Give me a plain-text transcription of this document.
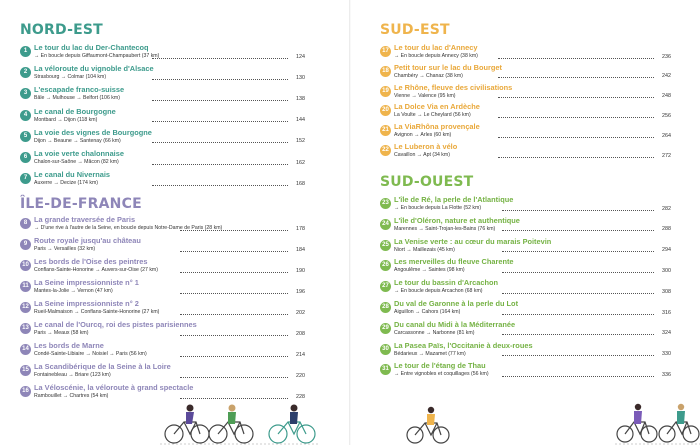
NORD-EST
1 Le tour du lac du Der-Chantecoq
→ En boucle depuis Giffaumont-Champaubert (37 km)	124
2 La véloroute du vignoble d'Alsace
Strasbourg → Colmar (104 km)	130
3 L'escapade franco-suisse
Bâle → Mulhouse → Belfort (106 km)	138
4 Le canal de Bourgogne
Montbard → Dijon (118 km)	144
5 La voie des vignes de Bourgogne
Dijon → Beaune → Santenay (66 km)	152
6 La voie verte chalonnaise
Chalon-sur-Saône → Mâcon (82 km)	162
7 Le canal du Nivernais
Auxerre → Decize (174 km)	168
ÎLE-DE-FRANCE
8 La grande traversée de Paris
→ D'une rive à l'autre de la Seine, en boucle depuis Notre-Dame de Paris (28 km)	178
9 Route royale jusqu'au château
Paris → Versailles (32 km)	184
10 Les bords de l'Oise des peintres
Conflans-Sainte-Honorine → Auvers-sur-Oise (27 km)	190
11 La Seine impressionniste n° 1
Mantes-la-Jolie → Vernon (47 km)	196
12 La Seine impressionniste n° 2
Rueil-Malmaison → Conflans-Sainte-Honorine (27 km)	202
13 Le canal de l'Ourcq, roi des pistes parisiennes
Paris → Meaux (58 km)	208
14 Les bords de Marne
Condé-Sainte-Libiaire → Noisiel → Paris (56 km)	214
15 La Scandibérique de la Seine à la Loire
Fontainebleau → Briare (123 km)	220
16 La Véloscénie, la véloroute à grand spectacle
Rambouillet → Chartres (54 km)	228
SUD-EST
17 Le tour du lac d'Annecy
→ En boucle depuis Annecy (38 km)	236
18 Petit tour sur le lac du Bourget
Chambéry → Chanaz (38 km)	242
19 Le Rhône, fleuve des civilisations
Vienne → Valence (95 km)	248
20 La Dolce Via en Ardèche
La Voulte → Le Cheylard (56 km)	256
21 La ViaRhôna provençale
Avignon → Arles (60 km)	264
22 Le Luberon à vélo
Cavaillon → Apt (34 km)	272
SUD-OUEST
23 L'île de Ré, la perle de l'Atlantique
→ En boucle depuis La Flotte (52 km)	282
24 L'île d'Oléron, nature et authentique
Marennes → Saint-Trojan-les-Bains (76 km)	288
25 La Venise verte : au cœur du marais Poitevin
Niort → Maillezais (45 km)	294
26 Les merveilles du fleuve Charente
Angoulême → Saintes (98 km)	300
27 Le tour du bassin d'Arcachon
→ En boucle depuis Arcachon (68 km)	308
28 Du val de Garonne à la perle du Lot
Aiguillon → Cahors (164 km)	316
29 Du canal du Midi à la Méditerranée
Carcassonne → Narbonne (81 km)	324
30 La Pasea Païs, l'Occitanie à deux-roues
Bédarieux → Mazamet (77 km)	330
31 Le tour de l'étang de Thau
→ Entre vignobles et coquillages (56 km)	336
